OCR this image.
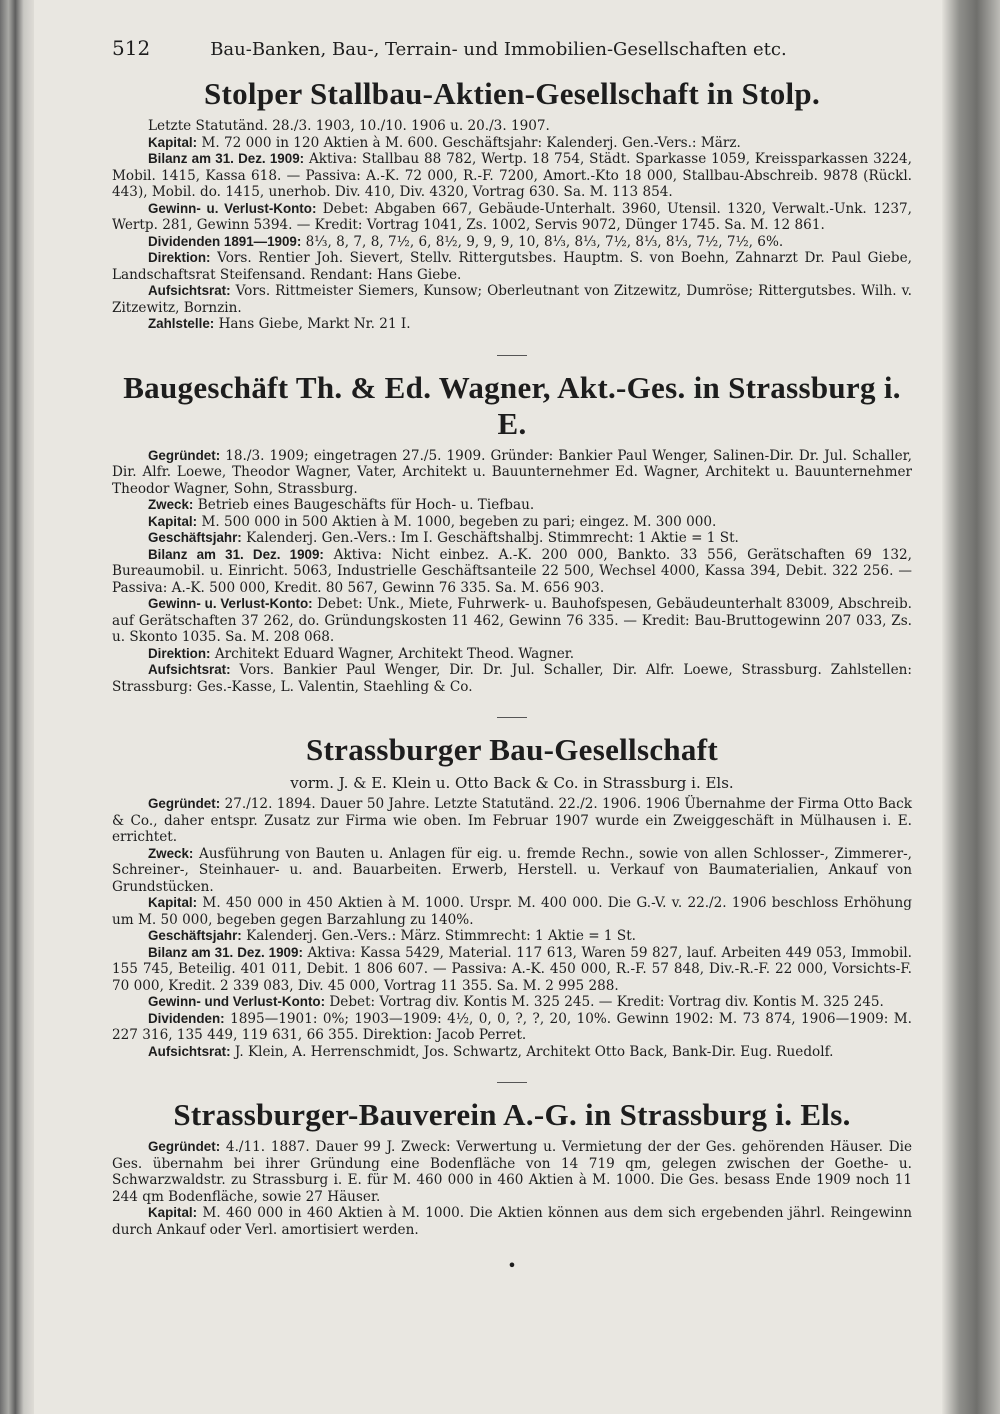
512	Bau-Banken, Bau-, Terrain- und Immobilien-Gesellschaften etc.
Stolper Stallbau-Aktien-Gesellschaft in Stolp.

Letzte Statutänd. 28./3. 1903, 10./10. 1906 u. 20./3. 1907.

Kapital: M. 72 000 in 120 Aktien à M. 600. Geschäftsjahr: Kalenderj. Gen.-Vers.: März.

Bilanz am 31. Dez. 1909: Aktiva: Stallbau 88 782, Wertp. 18 754, Städt. Sparkasse 1059, Kreissparkassen 3224, Mobil. 1415, Kassa 618. — Passiva: A.-K. 72 000, R.-F. 7200, Amort.-Kto 18 000, Stallbau-Abschreib. 9878 (Rückl. 443), Mobil. do. 1415, unerhob. Div. 410, Div. 4320, Vortrag 630. Sa. M. 113 854.

Gewinn- u. Verlust-Konto: Debet: Abgaben 667, Gebäude-Unterhalt. 3960, Utensil. 1320, Verwalt.-Unk. 1237, Wertp. 281, Gewinn 5394. — Kredit: Vortrag 1041, Zs. 1002, Servis 9072, Dünger 1745. Sa. M. 12 861.

Dividenden 1891—1909: 8⅓, 8, 7, 8, 7½, 6, 8½, 9, 9, 9, 10, 8⅓, 8⅓, 7½, 8⅓, 8⅓, 7½, 7½, 6%.

Direktion: Vors. Rentier Joh. Sievert, Stellv. Rittergutsbes. Hauptm. S. von Boehn, Zahnarzt Dr. Paul Giebe, Landschaftsrat Steifensand. Rendant: Hans Giebe.

Aufsichtsrat: Vors. Rittmeister Siemers, Kunsow; Oberleutnant von Zitzewitz, Dumröse; Rittergutsbes. Wilh. v. Zitzewitz, Bornzin.

Zahlstelle: Hans Giebe, Markt Nr. 21 I.

Baugeschäft Th. & Ed. Wagner, Akt.-Ges. in Strassburg i. E.

Gegründet: 18./3. 1909; eingetragen 27./5. 1909. Gründer: Bankier Paul Wenger, Salinen-Dir. Dr. Jul. Schaller, Dir. Alfr. Loewe, Theodor Wagner, Vater, Architekt u. Bauunternehmer Ed. Wagner, Architekt u. Bauunternehmer Theodor Wagner, Sohn, Strassburg.

Zweck: Betrieb eines Baugeschäfts für Hoch- u. Tiefbau.

Kapital: M. 500 000 in 500 Aktien à M. 1000, begeben zu pari; eingez. M. 300 000.

Geschäftsjahr: Kalenderj. Gen.-Vers.: Im I. Geschäftshalbj. Stimmrecht: 1 Aktie = 1 St.

Bilanz am 31. Dez. 1909: Aktiva: Nicht einbez. A.-K. 200 000, Bankto. 33 556, Gerätschaften 69 132, Bureaumobil. u. Einricht. 5063, Industrielle Geschäftsanteile 22 500, Wechsel 4000, Kassa 394, Debit. 322 256. — Passiva: A.-K. 500 000, Kredit. 80 567, Gewinn 76 335. Sa. M. 656 903.

Gewinn- u. Verlust-Konto: Debet: Unk., Miete, Fuhrwerk- u. Bauhofspesen, Gebäudeunterhalt 83009, Abschreib. auf Gerätschaften 37 262, do. Gründungskosten 11 462, Gewinn 76 335. — Kredit: Bau-Bruttogewinn 207 033, Zs. u. Skonto 1035. Sa. M. 208 068.

Direktion: Architekt Eduard Wagner, Architekt Theod. Wagner.

Aufsichtsrat: Vors. Bankier Paul Wenger, Dir. Dr. Jul. Schaller, Dir. Alfr. Loewe, Strassburg. Zahlstellen: Strassburg: Ges.-Kasse, L. Valentin, Staehling & Co.

Strassburger Bau-Gesellschaft
vorm. J. & E. Klein u. Otto Back & Co. in Strassburg i. Els.

Gegründet: 27./12. 1894. Dauer 50 Jahre. Letzte Statutänd. 22./2. 1906. 1906 Übernahme der Firma Otto Back & Co., daher entspr. Zusatz zur Firma wie oben. Im Februar 1907 wurde ein Zweiggeschäft in Mülhausen i. E. errichtet.

Zweck: Ausführung von Bauten u. Anlagen für eig. u. fremde Rechn., sowie von allen Schlosser-, Zimmerer-, Schreiner-, Steinhauer- u. and. Bauarbeiten. Erwerb, Herstell. u. Verkauf von Baumaterialien, Ankauf von Grundstücken.

Kapital: M. 450 000 in 450 Aktien à M. 1000. Urspr. M. 400 000. Die G.-V. v. 22./2. 1906 beschloss Erhöhung um M. 50 000, begeben gegen Barzahlung zu 140%.

Geschäftsjahr: Kalenderj. Gen.-Vers.: März. Stimmrecht: 1 Aktie = 1 St.

Bilanz am 31. Dez. 1909: Aktiva: Kassa 5429, Material. 117 613, Waren 59 827, lauf. Arbeiten 449 053, Immobil. 155 745, Beteilig. 401 011, Debit. 1 806 607. — Passiva: A.-K. 450 000, R.-F. 57 848, Div.-R.-F. 22 000, Vorsichts-F. 70 000, Kredit. 2 339 083, Div. 45 000, Vortrag 11 355. Sa. M. 2 995 288.

Gewinn- und Verlust-Konto: Debet: Vortrag div. Kontis M. 325 245. — Kredit: Vortrag div. Kontis M. 325 245.

Dividenden: 1895—1901: 0%; 1903—1909: 4½, 0, 0, ?, ?, 20, 10%. Gewinn 1902: M. 73 874, 1906—1909: M. 227 316, 135 449, 119 631, 66 355. Direktion: Jacob Perret.

Aufsichtsrat: J. Klein, A. Herrenschmidt, Jos. Schwartz, Architekt Otto Back, Bank-Dir. Eug. Ruedolf.

Strassburger-Bauverein A.-G. in Strassburg i. Els.

Gegründet: 4./11. 1887. Dauer 99 J. Zweck: Verwertung u. Vermietung der der Ges. gehörenden Häuser. Die Ges. übernahm bei ihrer Gründung eine Bodenfläche von 14 719 qm, gelegen zwischen der Goethe- u. Schwarzwaldstr. zu Strassburg i. E. für M. 460 000 in 460 Aktien à M. 1000. Die Ges. besass Ende 1909 noch 11 244 qm Bodenfläche, sowie 27 Häuser.

Kapital: M. 460 000 in 460 Aktien à M. 1000. Die Aktien können aus dem sich ergebenden jährl. Reingewinn durch Ankauf oder Verl. amortisiert werden.

•
